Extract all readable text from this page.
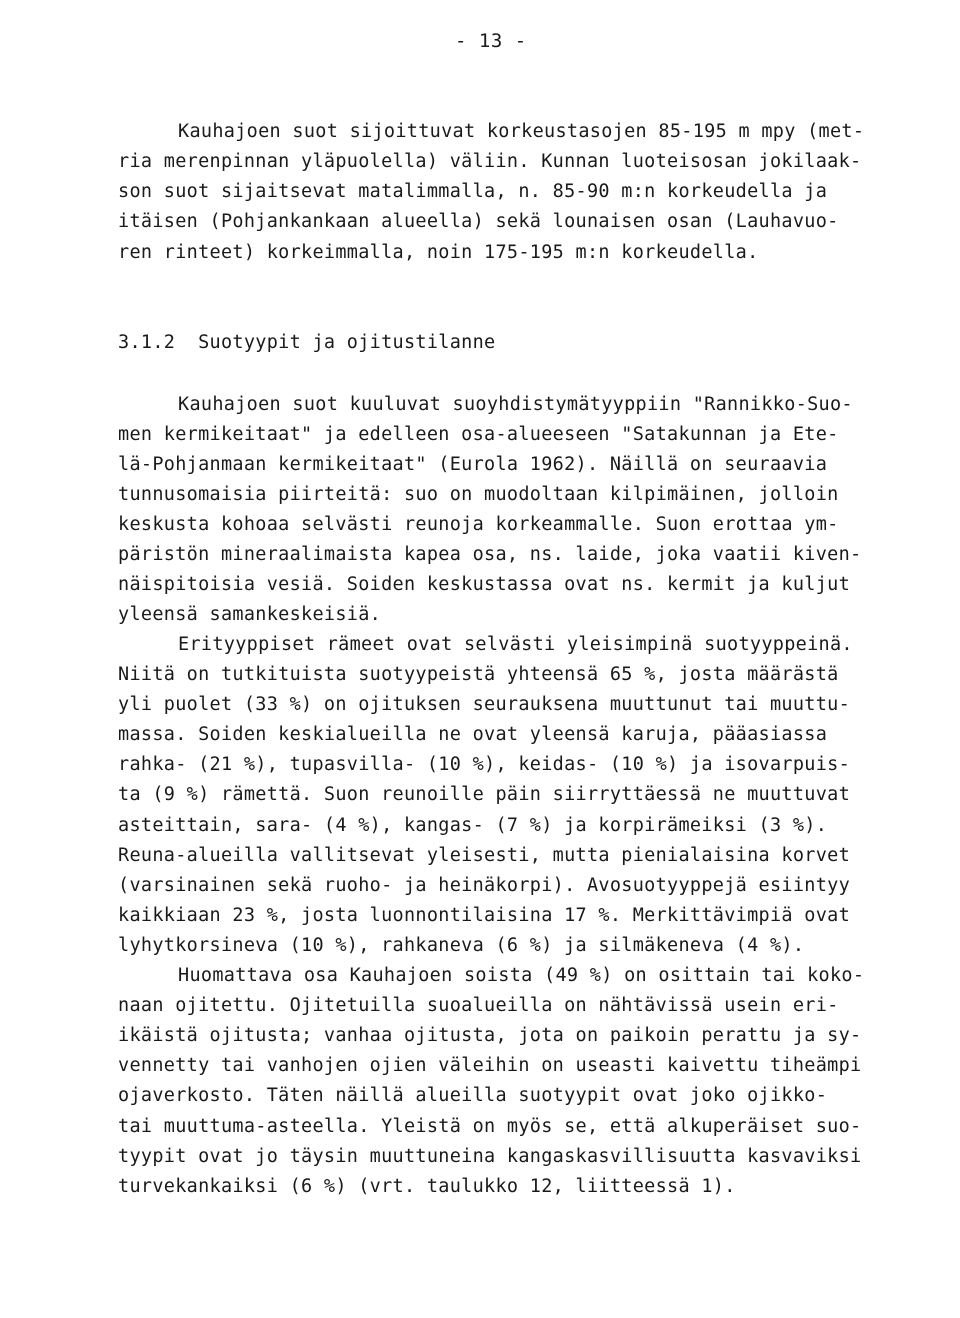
- 13 -
Kauhajoen suot sijoittuvat korkeustasojen 85-195 m mpy (met-
ria merenpinnan yläpuolella) väliin. Kunnan luoteisosan jokilaak-
son suot sijaitsevat matalimmalla, n. 85-90 m:n korkeudella ja
itäisen (Pohjankankaan alueella) sekä lounaisen osan (Lauhavuo-
ren rinteet) korkeimmalla, noin 175-195 m:n korkeudella.
3.1.2  Suotyypit ja ojitustilanne
Kauhajoen suot kuuluvat suoyhdistymätyyppiin "Rannikko-Suo-
men kermikeitaat" ja edelleen osa-alueeseen "Satakunnan ja Ete-
lä-Pohjanmaan kermikeitaat" (Eurola 1962). Näillä on seuraavia
tunnusomaisia piirteitä: suo on muodoltaan kilpimäinen, jolloin
keskusta kohoaa selvästi reunoja korkeammalle. Suon erottaa ym-
päristön mineraalimaista kapea osa, ns. laide, joka vaatii kiven-
näispitoisia vesiä. Soiden keskustassa ovat ns. kermit ja kuljut
yleensä samankeskeisiä.
Erityyppiset rämeet ovat selvästi yleisimpinä suotyyppeinä.
Niitä on tutkituista suotyypeistä yhteensä 65 %, josta määrästä
yli puolet (33 %) on ojituksen seurauksena muuttunut tai muuttu-
massa. Soiden keskialueilla ne ovat yleensä karuja, pääasiassa
rahka- (21 %), tupasvilla- (10 %), keidas- (10 %) ja isovarpuis-
ta (9 %) rämettä. Suon reunoille päin siirryttäessä ne muuttuvat
asteittain, sara- (4 %), kangas- (7 %) ja korpirämeiksi (3 %).
Reuna-alueilla vallitsevat yleisesti, mutta pienialaisina korvet
(varsinainen sekä ruoho- ja heinäkorpi). Avosuotyyppejä esiintyy
kaikkiaan 23 %, josta luonnontilaisina 17 %. Merkittävimpiä ovat
lyhytkorsineva (10 %), rahkaneva (6 %) ja silmäkeneva (4 %).
Huomattava osa Kauhajoen soista (49 %) on osittain tai koko-
naan ojitettu. Ojitetuilla suoalueilla on nähtävissä usein eri-
ikäistä ojitusta; vanhaa ojitusta, jota on paikoin perattu ja sy-
vennetty tai vanhojen ojien väleihin on useasti kaivettu tiheämpi
ojaverkosto. Täten näillä alueilla suotyypit ovat joko ojikko-
tai muuttuma-asteella. Yleistä on myös se, että alkuperäiset suo-
tyypit ovat jo täysin muuttuneina kangaskasvillisuutta kasvaviksi
turvekankaiksi (6 %) (vrt. taulukko 12, liitteessä 1).
